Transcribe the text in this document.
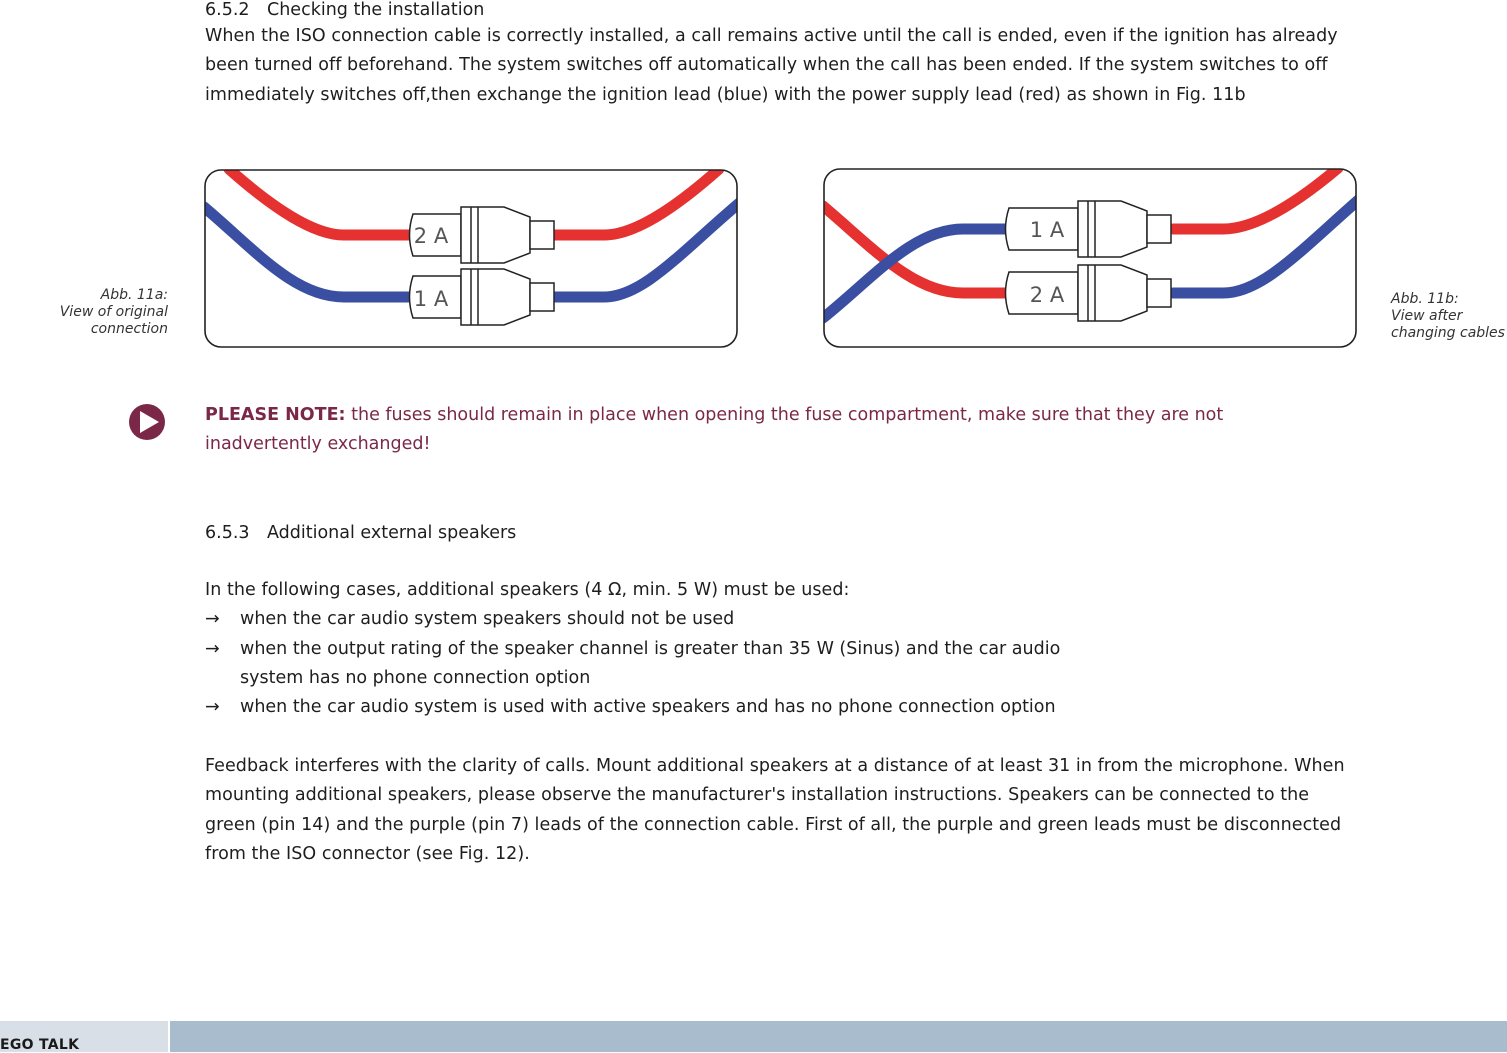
6.5.2 Checking the installation
When the ISO connection cable is correctly installed, a call remains active until the call is ended, even if the ignition has already been turned off beforehand. The system switches off automatically when the call has been ended. If the system switches to off immediately switches off,then exchange the ignition lead (blue) with the power supply lead (red) as shown in Fig. 11b
Abb. 11a:
View of original
connection
Abb. 11b:
View after
changing cables
2 A
1 A
1 A
2 A
PLEASE NOTE: the fuses should remain in place when opening the fuse compartment, make sure that they are not inadvertently exchanged!
6.5.3 Additional external speakers
In the following cases, additional speakers (4 Ω, min. 5 W) must be used:
→ when the car audio system speakers should not be used
→ when the output rating of the speaker channel is greater than 35 W (Sinus) and the car audio
system has no phone connection option
→ when the car audio system is used with active speakers and has no phone connection option
Feedback interferes with the clarity of calls. Mount additional speakers at a distance of at least 31 in from the microphone. When mounting additional speakers, please observe the manufacturer's installation instructions. Speakers can be connected to the green (pin 14) and the purple (pin 7) leads of the connection cable. First of all, the purple and green leads must be disconnected from the ISO connector (see Fig. 12).
EGO TALK
